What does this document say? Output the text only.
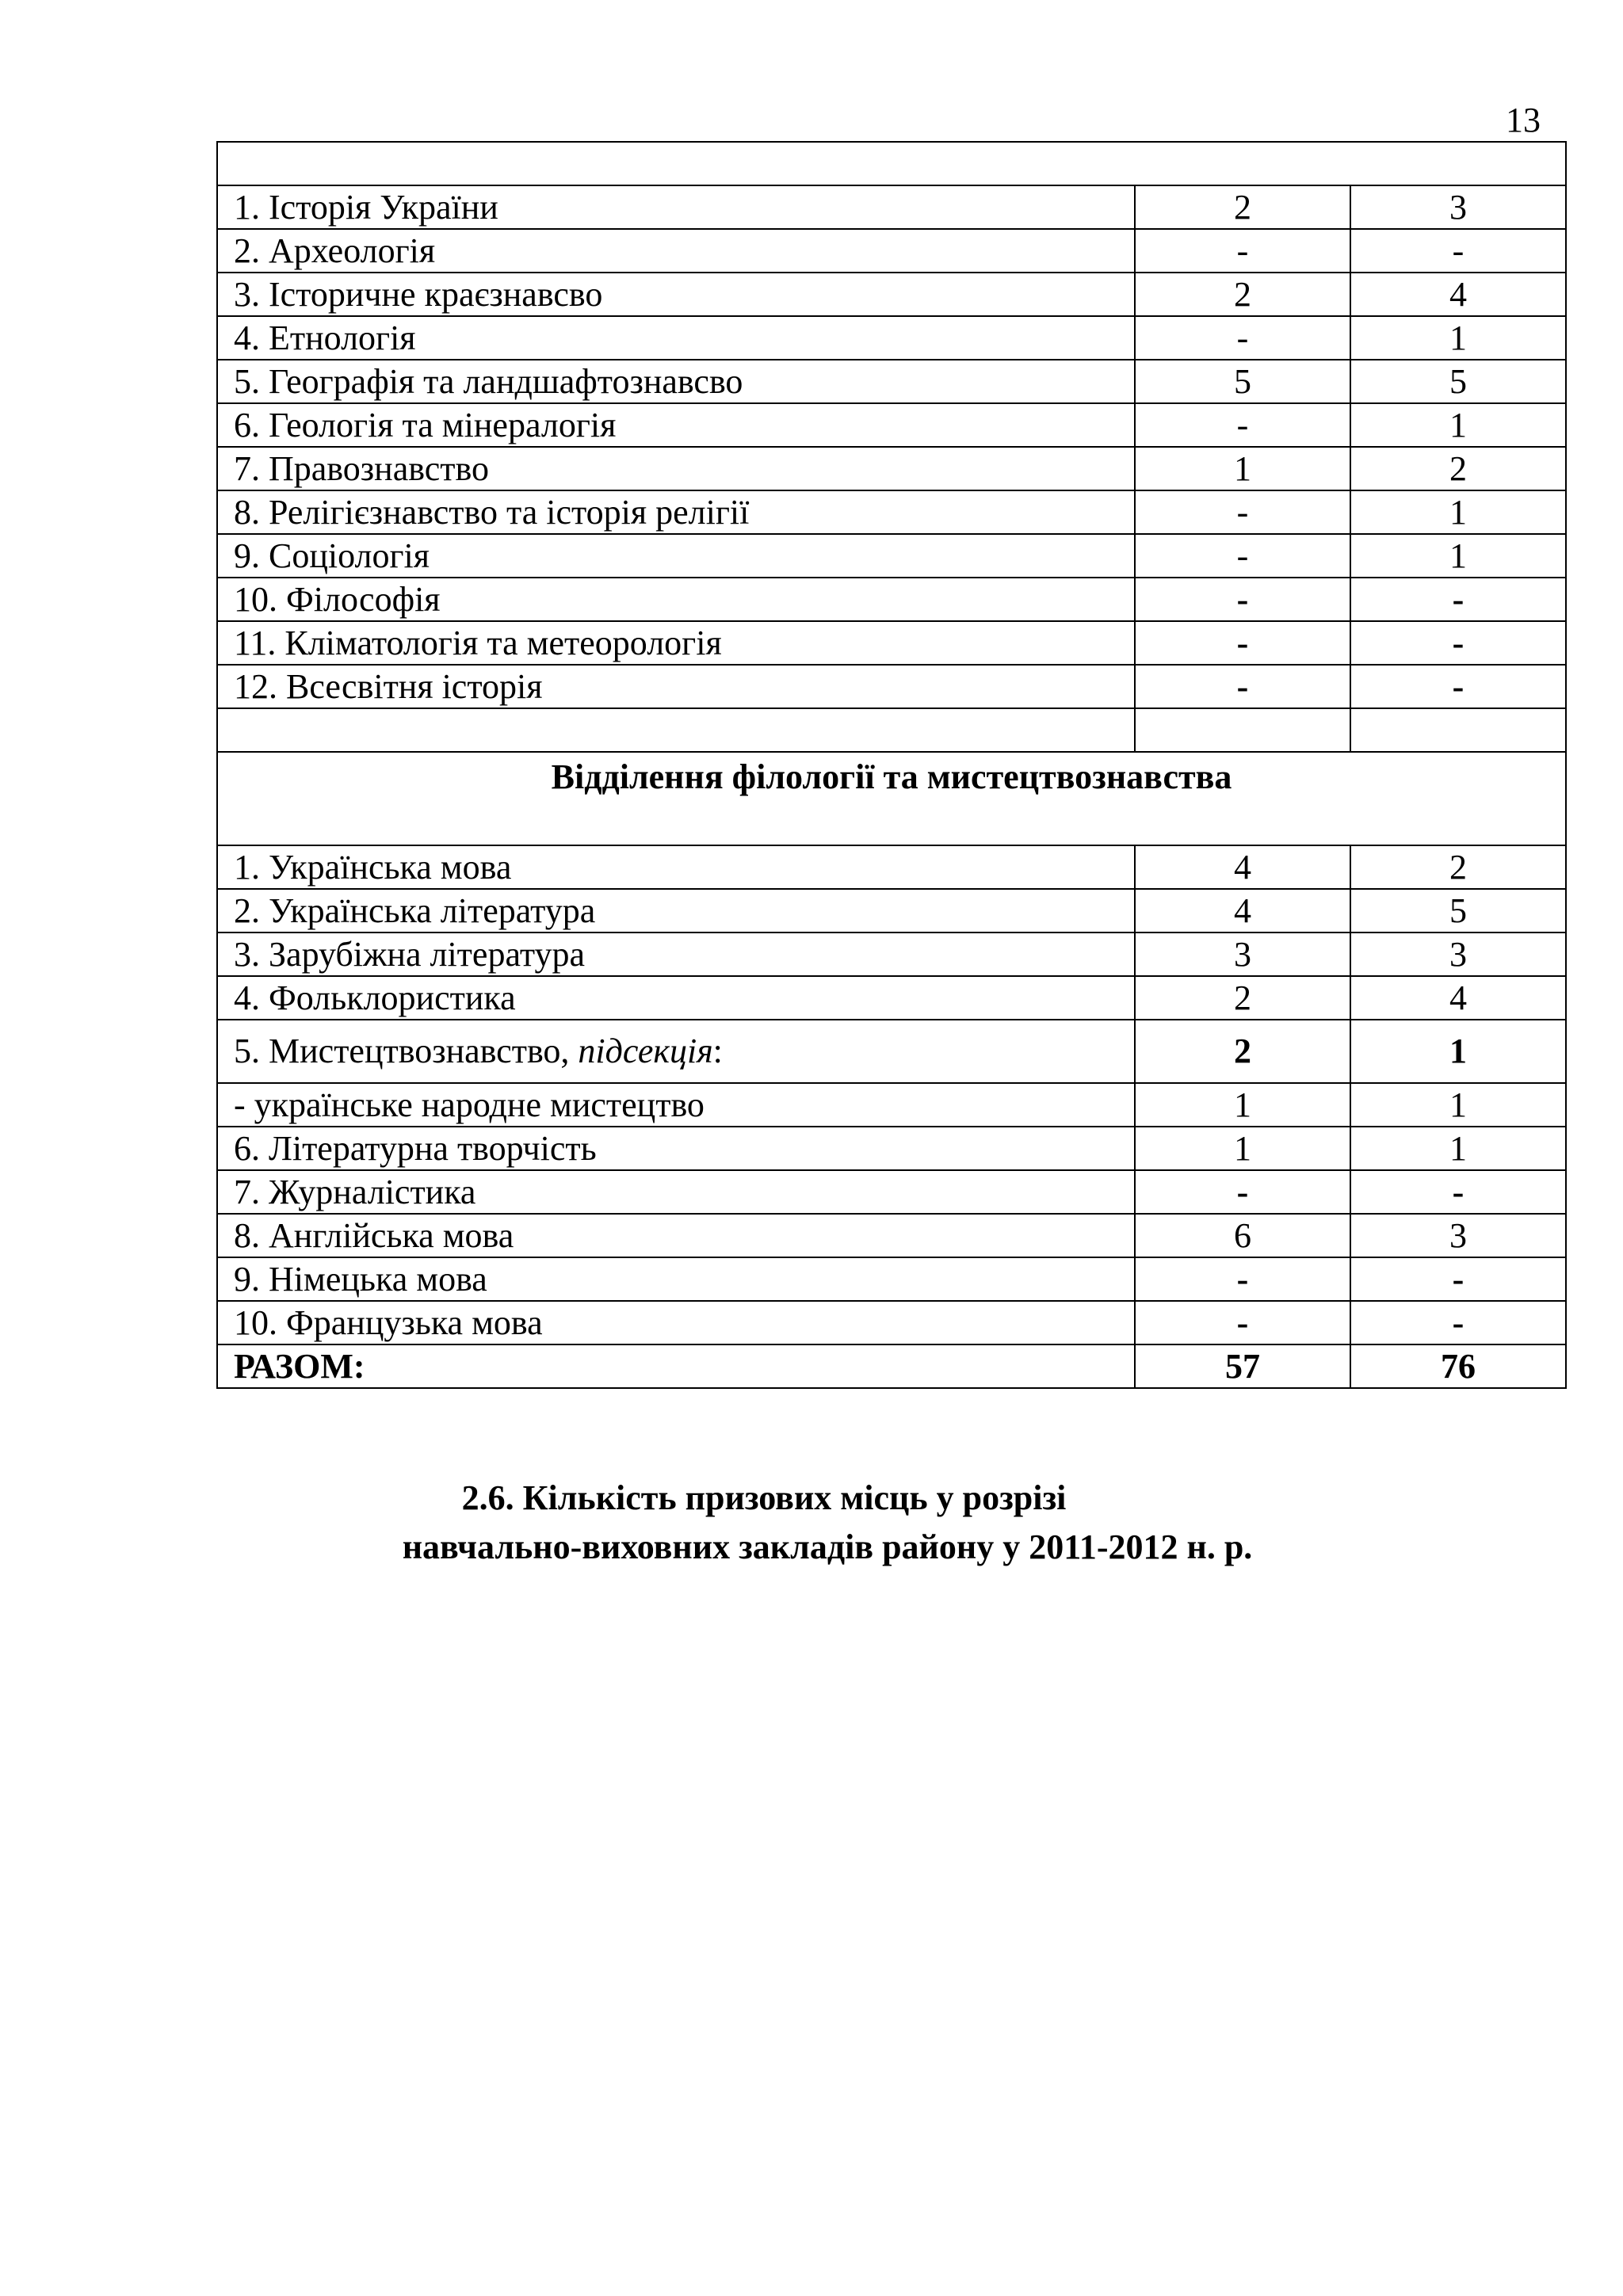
13

1. Історія України	2	3
2. Археологія	-	-
3. Історичне краєзнавсво	2	4
4. Етнологія	-	1
5. Географія та ландшафтознавсво	5	5
6. Геологія та мінералогія	-	1
7. Правознавство	1	2
8. Релігієзнавство та історія релігії	-	1
9. Соціологія	-	1
10. Філософія	-	-
11. Кліматологія та метеорологія	-	-
12. Всесвітня історія	-	-

Відділення філології та мистецтвознавства		
1. Українська мова	4	2
2. Українська література	4	5
3. Зарубіжна література	3	3
4. Фольклористика	2	4
5. Мистецтвознавство, підсекція:	2	1
- українське народне мистецтво	1	1
6. Літературна творчість	1	1
7. Журналістика	-	-
8. Англійська мова	6	3
9. Німецька мова	-	-
10. Французька мова	-	-
РАЗОМ:	57	76
2.6. Кількість призових місць у розрізі
навчально-виховних закладів району у 2011-2012 н. р.
